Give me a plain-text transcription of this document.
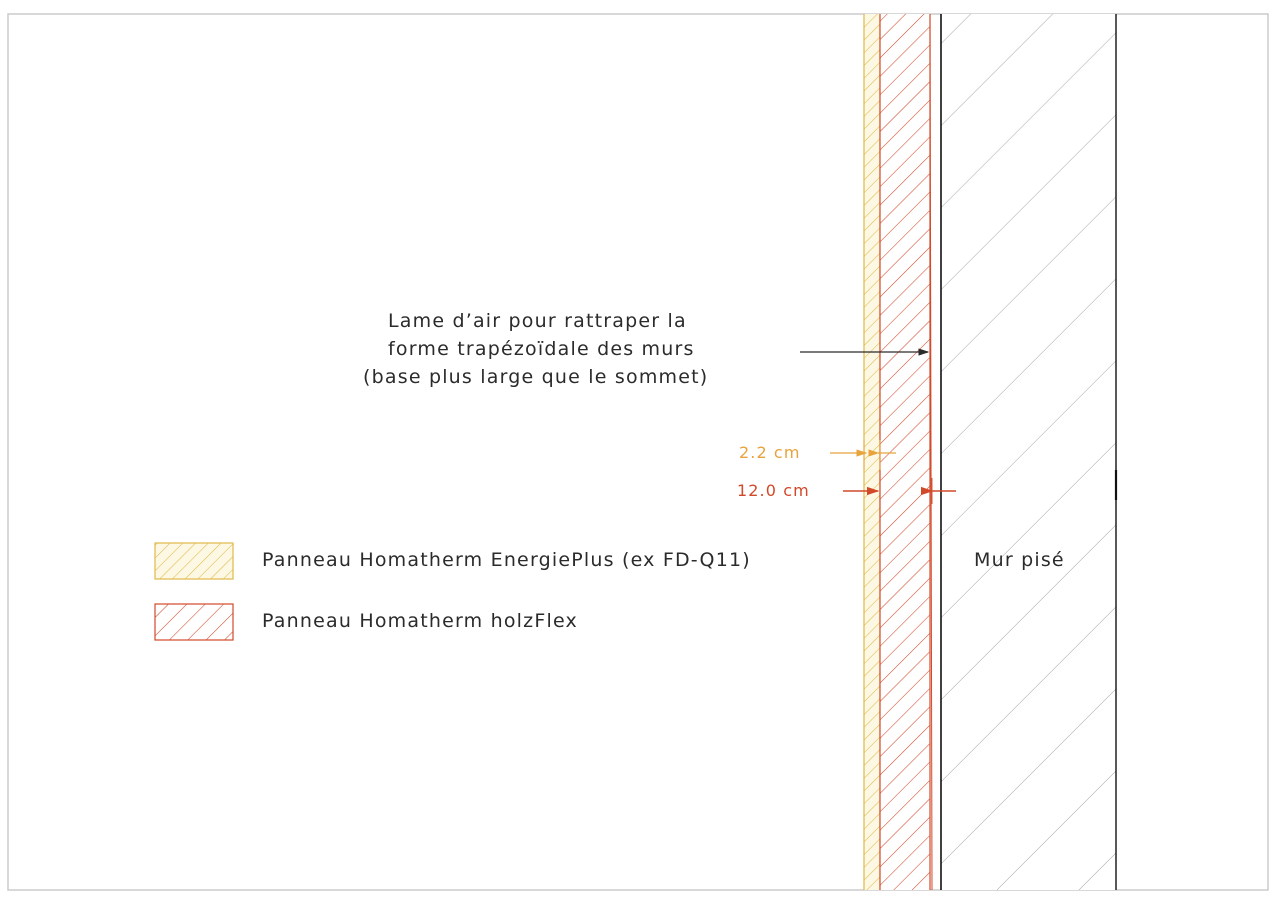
Lame d’air pour rattraper la
forme trapézoïdale des murs
(base plus large que le sommet)
2.2 cm
12.0 cm
Panneau Homatherm EnergiePlus (ex FD-Q11)
Panneau Homatherm holzFlex
Mur pisé
